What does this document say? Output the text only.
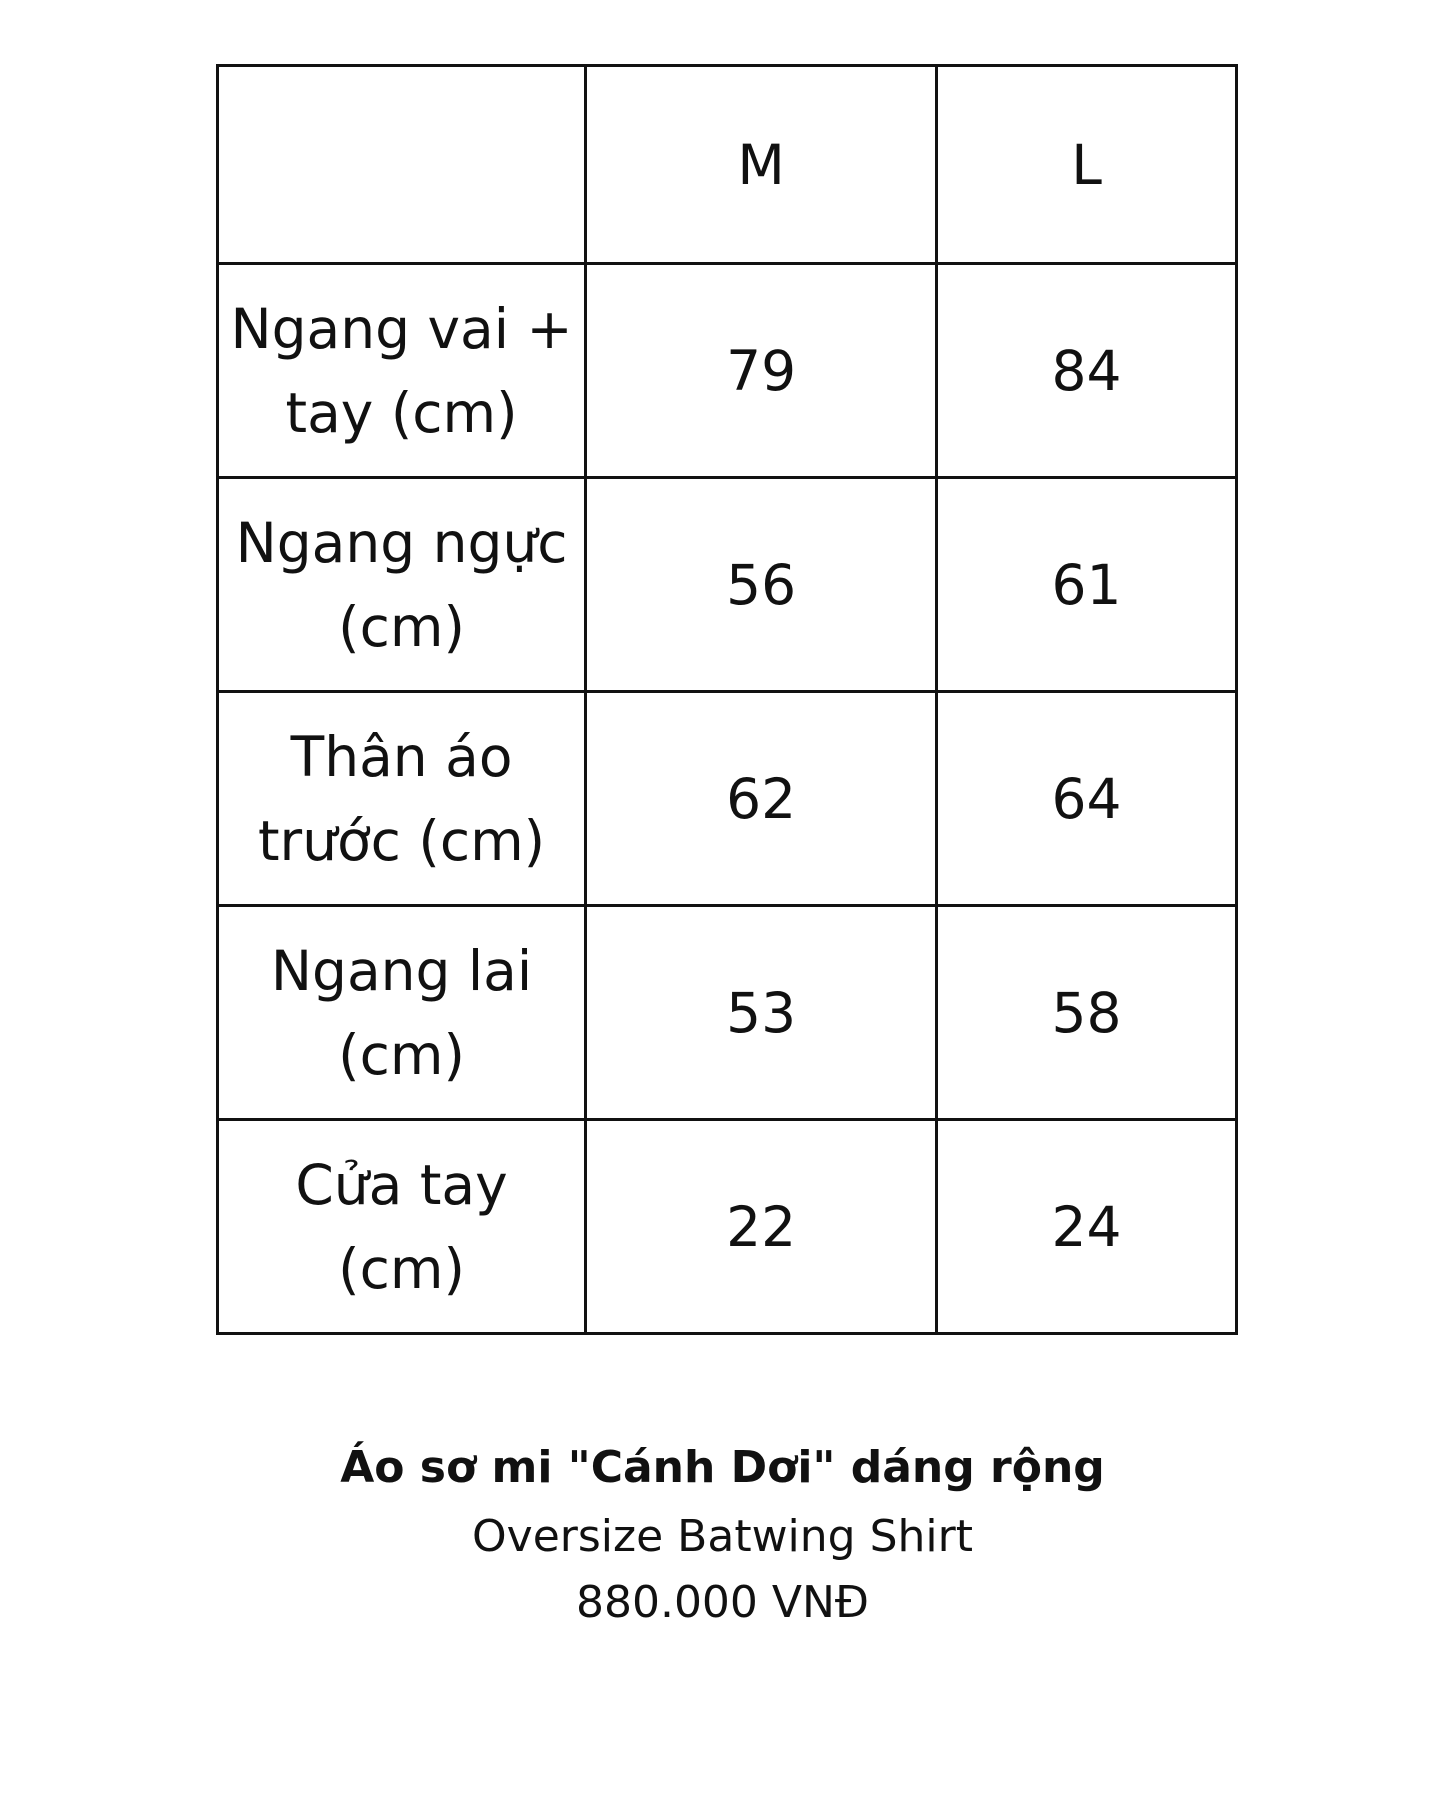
	M	L

Ngang vai +
tay (cm)	79	84

Ngang ngực
(cm)	56	61

Thân áo
trước (cm)	62	64

Ngang lai
(cm)	53	58

Cửa tay
(cm)	22	24
Áo sơ mi "Cánh Dơi" dáng rộng
Oversize Batwing Shirt
880.000 VNĐ
